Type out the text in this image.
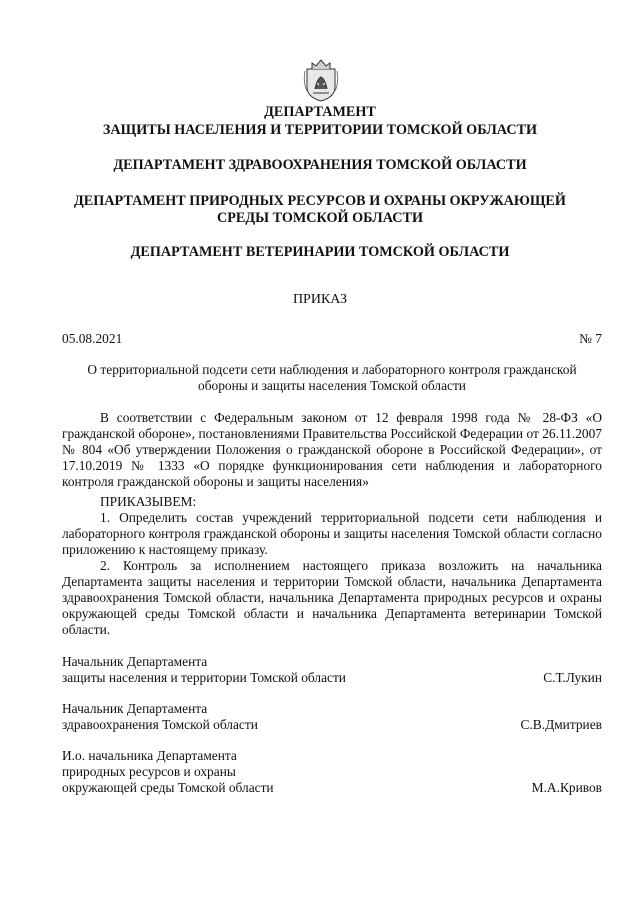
ДЕПАРТАМЕНТ
ЗАЩИТЫ НАСЕЛЕНИЯ И ТЕРРИТОРИИ ТОМСКОЙ ОБЛАСТИ
ДЕПАРТАМЕНТ ЗДРАВООХРАНЕНИЯ ТОМСКОЙ ОБЛАСТИ
ДЕПАРТАМЕНТ ПРИРОДНЫХ РЕСУРСОВ И ОХРАНЫ ОКРУЖАЮЩЕЙ
СРЕДЫ ТОМСКОЙ ОБЛАСТИ
ДЕПАРТАМЕНТ ВЕТЕРИНАРИИ ТОМСКОЙ ОБЛАСТИ
ПРИКАЗ
05.08.2021	№ 7
О территориальной подсети сети наблюдения и лабораторного контроля гражданской обороны и защиты населения Томской области
В соответствии с Федеральным законом от 12 февраля 1998 года № 28-ФЗ «О гражданской обороне», постановлениями Правительства Российской Федерации от 26.11.2007 № 804 «Об утверждении Положения о гражданской обороне в Российской Федерации», от 17.10.2019 № 1333 «О порядке функционирования сети наблюдения и лабораторного контроля гражданской обороны и защиты населения»
ПРИКАЗЫВЕМ:
1. Определить состав учреждений территориальной подсети сети наблюдения и лабораторного контроля гражданской обороны и защиты населения Томской области согласно приложению к настоящему приказу.
2. Контроль за исполнением настоящего приказа возложить на начальника Департамента защиты населения и территории Томской области, начальника Департамента здравоохранения Томской области, начальника Департамента природных ресурсов и охраны окружающей среды Томской области и начальника Департамента ветеринарии Томской области.
Начальник Департамента
защиты населения и территории Томской области	С.Т.Лукин
Начальник Департамента
здравоохранения Томской области	С.В.Дмитриев
И.о. начальника Департамента
природных ресурсов и охраны
окружающей среды Томской области	М.А.Кривов
